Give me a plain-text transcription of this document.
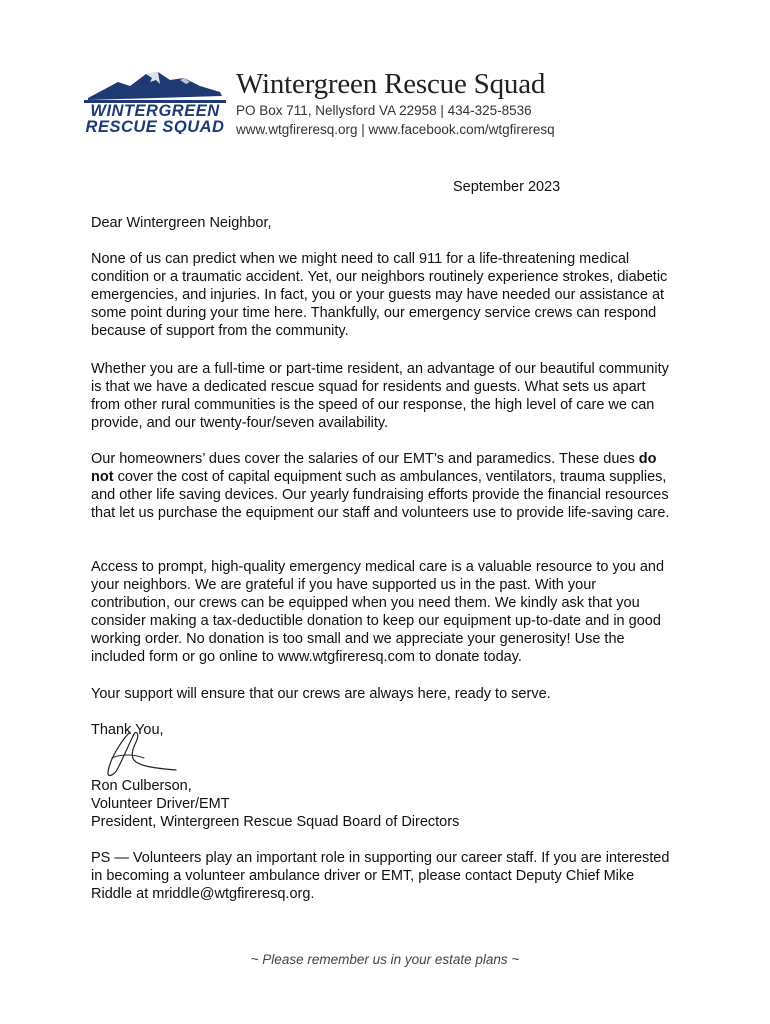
WINTERGREEN
RESCUE SQUAD
Wintergreen Rescue Squad
PO Box 711, Nellysford VA 22958 | 434-325-8536
www.wtgfireresq.org | www.facebook.com/wtgfireresq
September 2023

Dear Wintergreen Neighbor,

None of us can predict when we might need to call 911 for a life-threatening medical condition or a traumatic accident. Yet, our neighbors routinely experience strokes, diabetic emergencies, and injuries. In fact, you or your guests may have needed our assistance at some point during your time here. Thankfully, our emergency service crews can respond because of support from the community.

Whether you are a full-time or part-time resident, an advantage of our beautiful community is that we have a dedicated rescue squad for residents and guests. What sets us apart from other rural communities is the speed of our response, the high level of care we can provide, and our twenty-four/seven availability.

Our homeowners’ dues cover the salaries of our EMT’s and paramedics. These dues do not cover the cost of capital equipment such as ambulances, ventilators, trauma supplies, and other life saving devices. Our yearly fundraising efforts provide the financial resources that let us purchase the equipment our staff and volunteers use to provide life-saving care.

Access to prompt, high-quality emergency medical care is a valuable resource to you and your neighbors. We are grateful if you have supported us in the past. With your contribution, our crews can be equipped when you need them. We kindly ask that you consider making a tax-deductible donation to keep our equipment up-to-date and in good working order. No donation is too small and we appreciate your generosity! Use the included form or go online to www.wtgfireresq.com to donate today.

Your support will ensure that our crews are always here, ready to serve.

Thank You,

Ron Culberson,
Volunteer Driver/EMT
President, Wintergreen Rescue Squad Board of Directors

PS — Volunteers play an important role in supporting our career staff. If you are interested in becoming a volunteer ambulance driver or EMT, please contact Deputy Chief Mike Riddle at mriddle@wtgfireresq.org.

~ Please remember us in your estate plans ~
